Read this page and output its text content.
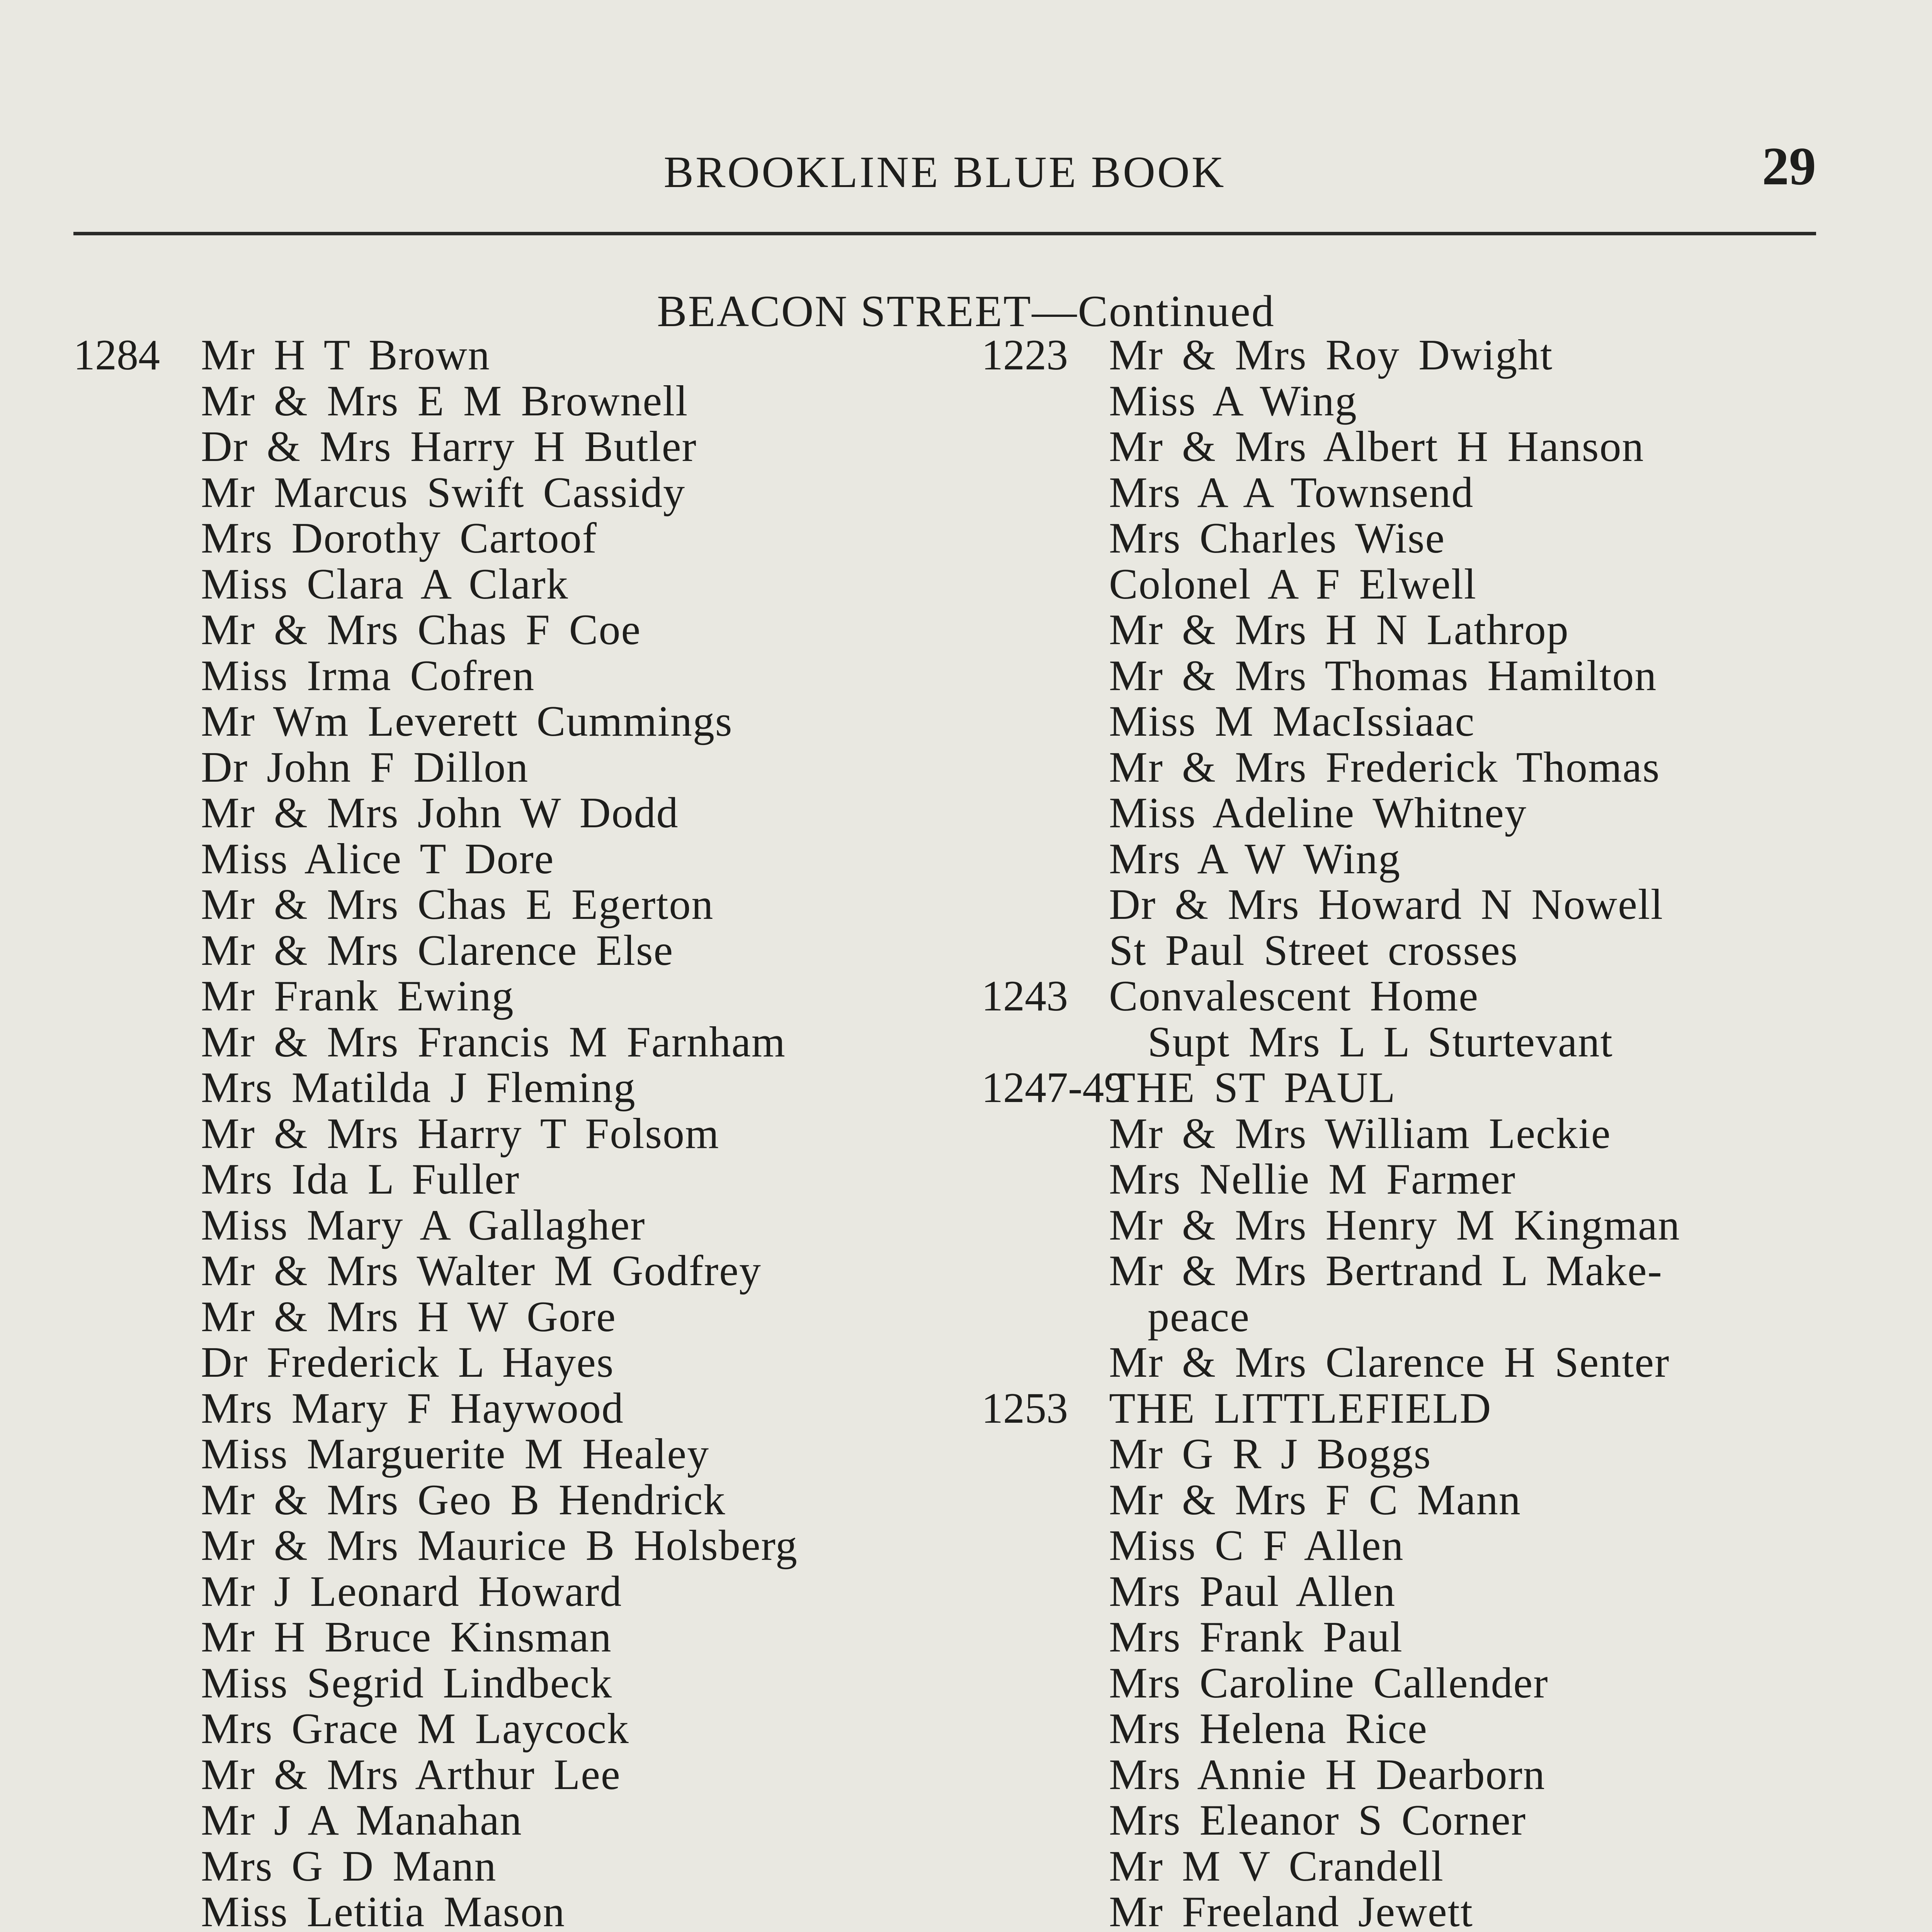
BROOKLINE BLUE BOOK	29
BEACON STREET—Continued
1284 Mr H T Brown
Mr & Mrs E M Brownell
Dr & Mrs Harry H Butler
Mr Marcus Swift Cassidy
Mrs Dorothy Cartoof
Miss Clara A Clark
Mr & Mrs Chas F Coe
Miss Irma Cofren
Mr Wm Leverett Cummings
Dr John F Dillon
Mr & Mrs John W Dodd
Miss Alice T Dore
Mr & Mrs Chas E Egerton
Mr & Mrs Clarence Else
Mr Frank Ewing
Mr & Mrs Francis M Farnham
Mrs Matilda J Fleming
Mr & Mrs Harry T Folsom
Mrs Ida L Fuller
Miss Mary A Gallagher
Mr & Mrs Walter M Godfrey
Mr & Mrs H W Gore
Dr Frederick L Hayes
Mrs Mary F Haywood
Miss Marguerite M Healey
Mr & Mrs Geo B Hendrick
Mr & Mrs Maurice B Holsberg
Mr J Leonard Howard
Mr H Bruce Kinsman
Miss Segrid Lindbeck
Mrs Grace M Laycock
Mr & Mrs Arthur Lee
Mr J A Manahan
Mrs G D Mann
Miss Letitia Mason
1223 Mr & Mrs Roy Dwight
Miss A Wing
Mr & Mrs Albert H Hanson
Mrs A A Townsend
Mrs Charles Wise
Colonel A F Elwell
Mr & Mrs H N Lathrop
Mr & Mrs Thomas Hamilton
Miss M MacIssiaac
Mr & Mrs Frederick Thomas
Miss Adeline Whitney
Mrs A W Wing
Dr & Mrs Howard N Nowell
St Paul Street crosses
1243 Convalescent Home
Supt Mrs L L Sturtevant
1247-49
THE ST PAUL
Mr & Mrs William Leckie
Mrs Nellie M Farmer
Mr & Mrs Henry M Kingman
Mr & Mrs Bertrand L Make-
peace
Mr & Mrs Clarence H Senter
1253 THE LITTLEFIELD
Mr G R J Boggs
Mr & Mrs F C Mann
Miss C F Allen
Mrs Paul Allen
Mrs Frank Paul
Mrs Caroline Callender
Mrs Helena Rice
Mrs Annie H Dearborn
Mrs Eleanor S Corner
Mr M V Crandell
Mr Freeland Jewett
